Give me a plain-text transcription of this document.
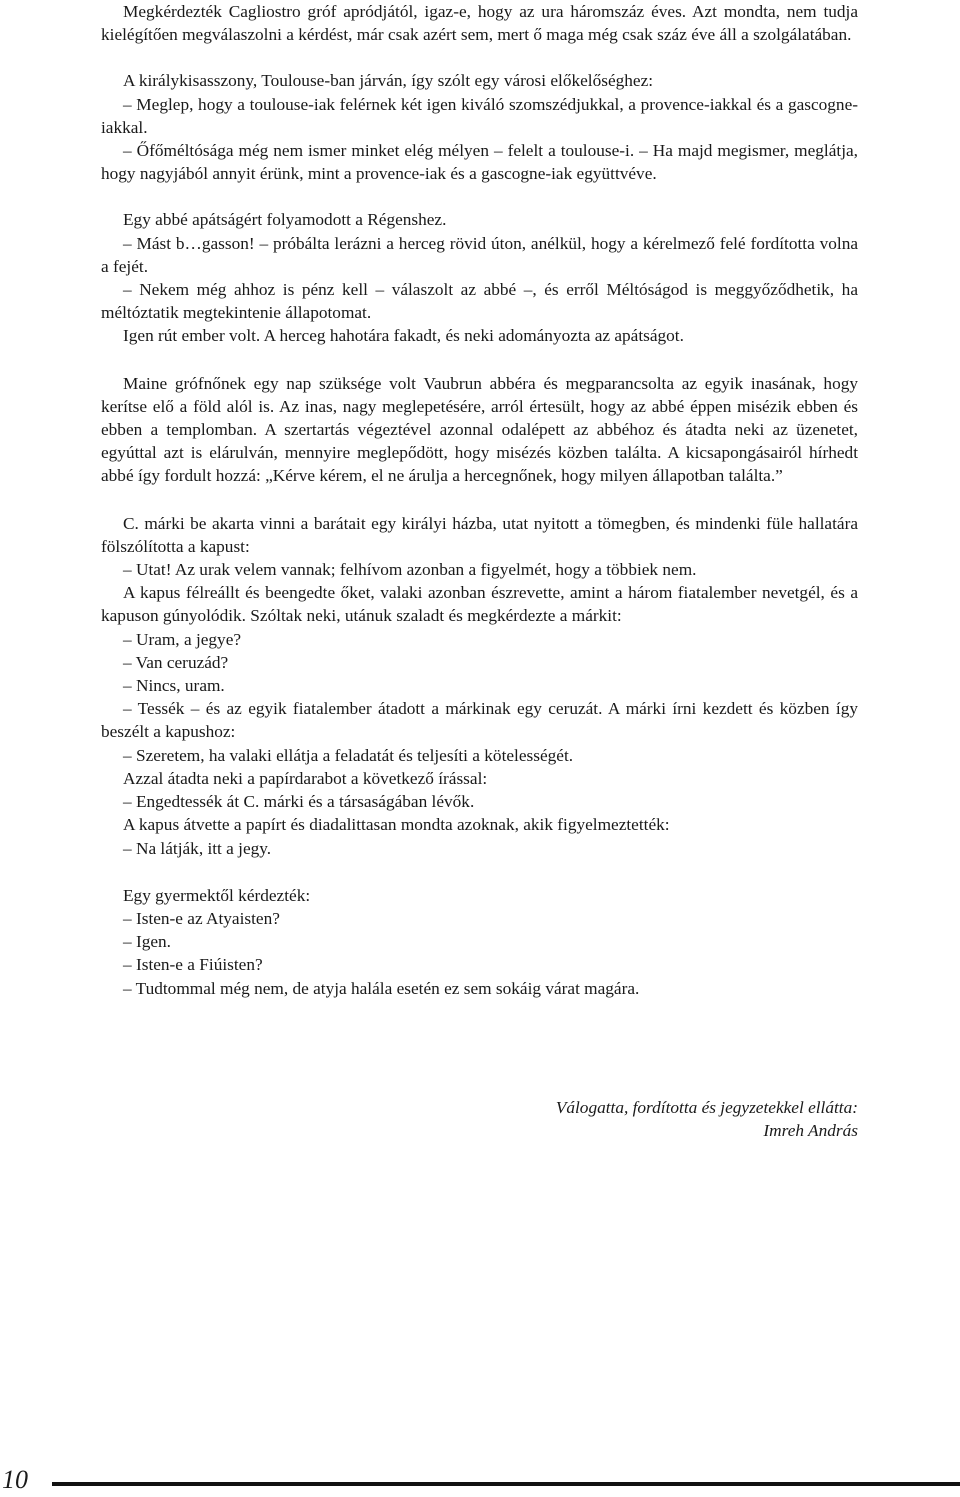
Megkérdezték Cagliostro gróf apródjától, igaz-e, hogy az ura háromszáz éves. Azt mondta, nem tudja kielégítően megválaszolni a kérdést, már csak azért sem, mert ő maga még csak száz éve áll a szolgálatában.

A királykisasszony, Toulouse-ban járván, így szólt egy városi előkelőséghez:

– Meglep, hogy a toulouse-iak felérnek két igen kiváló szomszédjukkal, a provence-iakkal és a gascogne-iakkal.

– Őfőméltósága még nem ismer minket elég mélyen – felelt a toulouse-i. – Ha majd megismer, meglátja, hogy nagyjából annyit érünk, mint a provence-iak és a gascogne-iak együttvéve.

Egy abbé apátságért folyamodott a Régenshez.

– Mást b…gasson! – próbálta lerázni a herceg rövid úton, anélkül, hogy a kérelmező felé fordította volna a fejét.

– Nekem még ahhoz is pénz kell – válaszolt az abbé –, és erről Méltóságod is meggyőződhetik, ha méltóztatik megtekintenie állapotomat.

Igen rút ember volt. A herceg hahotára fakadt, és neki adományozta az apátságot.

Maine grófnőnek egy nap szüksége volt Vaubrun abbéra és megparancsolta az egyik inasának, hogy kerítse elő a föld alól is. Az inas, nagy meglepetésére, arról értesült, hogy az abbé éppen misézik ebben és ebben a templomban. A szertartás végeztével azonnal odalépett az abbéhoz és átadta neki az üzenetet, egyúttal azt is elárulván, mennyire meglepődött, hogy misézés közben találta. A kicsapongásairól hírhedt abbé így fordult hozzá: „Kérve kérem, el ne árulja a hercegnőnek, hogy milyen állapotban találta.”

C. márki be akarta vinni a barátait egy királyi házba, utat nyitott a tömegben, és mindenki füle hallatára fölszólította a kapust:

– Utat! Az urak velem vannak; felhívom azonban a figyelmét, hogy a többiek nem.

A kapus félreállt és beengedte őket, valaki azonban észrevette, amint a három fiatalember nevetgél, és a kapuson gúnyolódik. Szóltak neki, utánuk szaladt és megkérdezte a márkit:

– Uram, a jegye?

– Van ceruzád?

– Nincs, uram.

– Tessék – és az egyik fiatalember átadott a márkinak egy ceruzát. A márki írni kezdett és közben így beszélt a kapushoz:

– Szeretem, ha valaki ellátja a feladatát és teljesíti a kötelességét.

Azzal átadta neki a papírdarabot a következő írással:

– Engedtessék át C. márki és a társaságában lévők.

A kapus átvette a papírt és diadalittasan mondta azoknak, akik figyelmeztették:

– Na látják, itt a jegy.

Egy gyermektől kérdezték:

– Isten-e az Atyaisten?

– Igen.

– Isten-e a Fiúisten?

– Tudtommal még nem, de atyja halála esetén ez sem sokáig várat magára.

Válogatta, fordította és jegyzetekkel ellátta:
Imreh András
10
